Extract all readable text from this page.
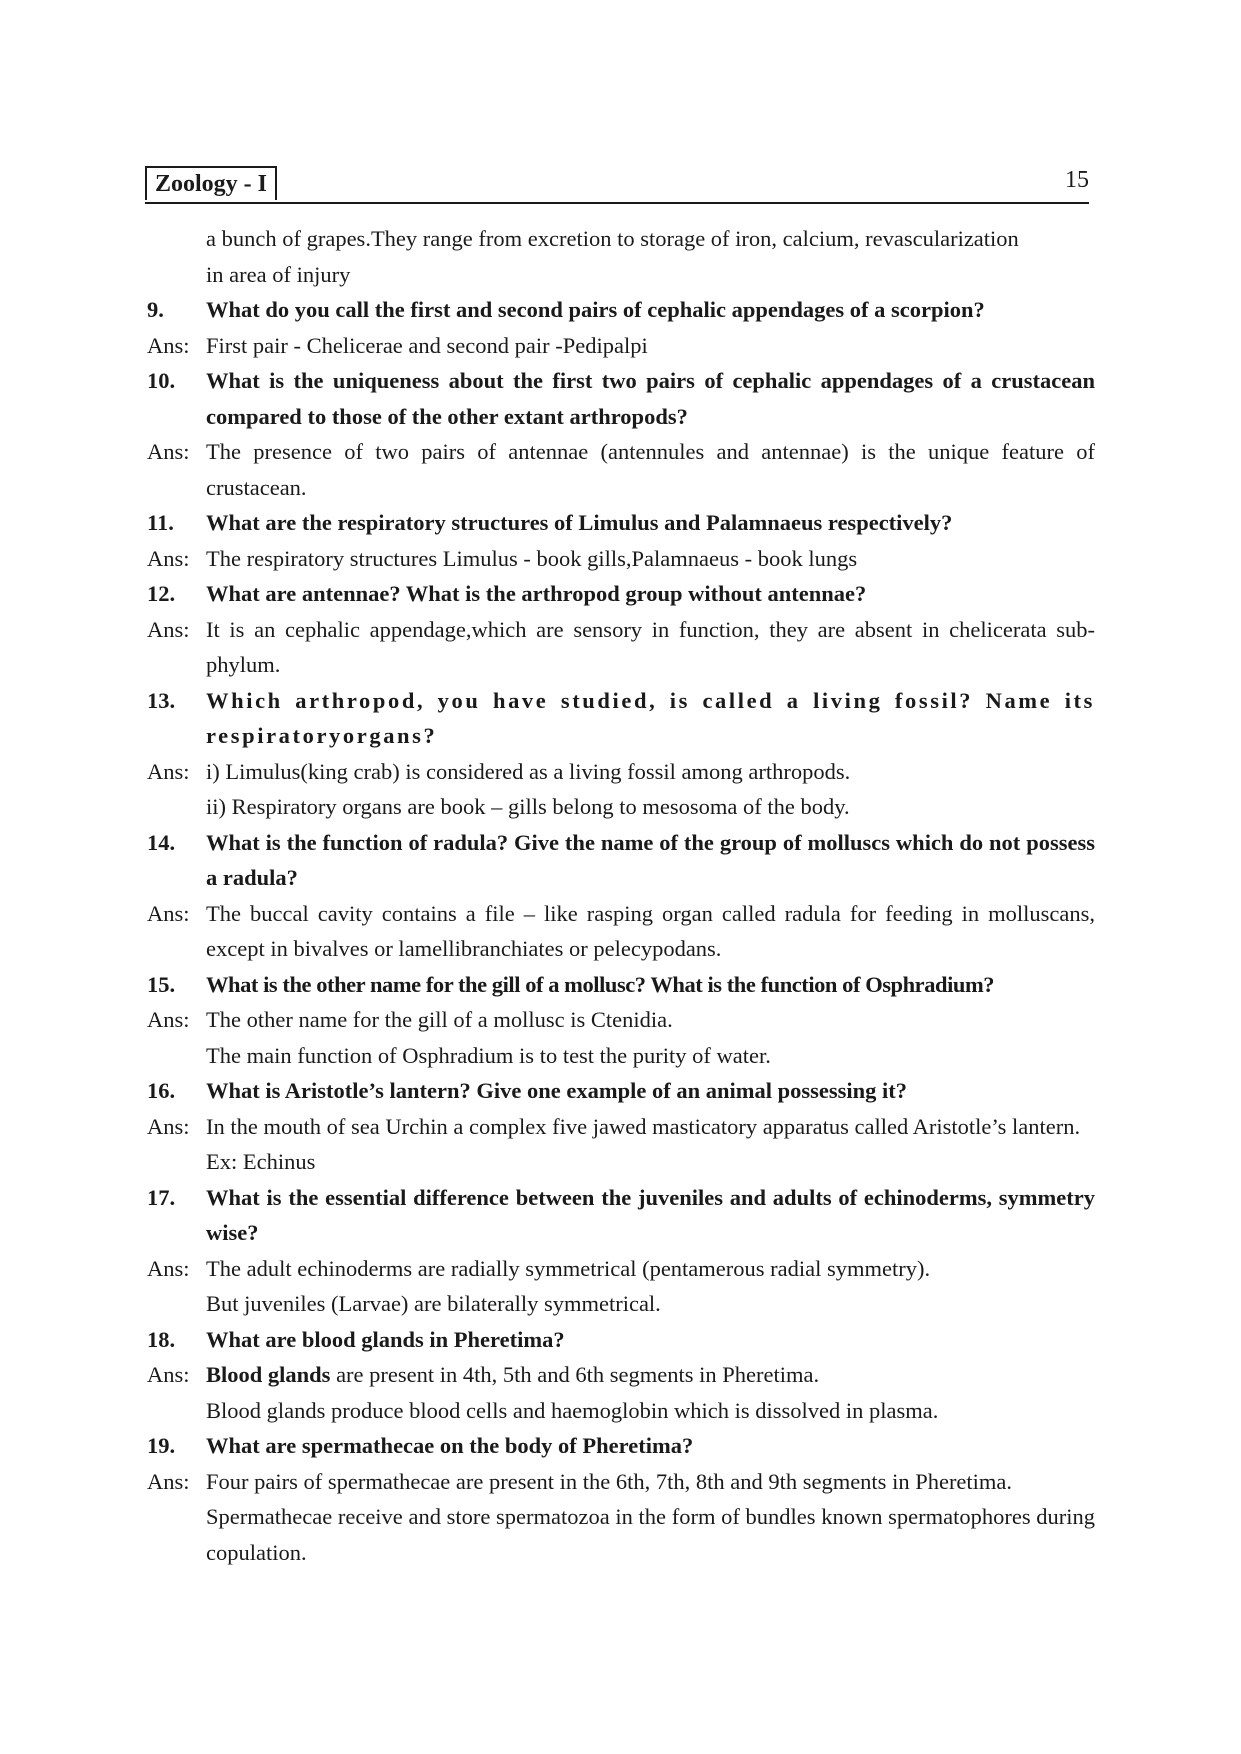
Zoology - I	15
a bunch of grapes.They range from excretion to storage of iron, calcium, revascularization
in area of injury
9.	What do you call the first and second pairs of cephalic appendages of a scorpion?
Ans: First pair - Chelicerae and second pair -Pedipalpi
10.	What is the uniqueness about the first two pairs of cephalic appendages of a crustacean compared to those of the other extant arthropods?
Ans: The presence of two pairs of antennae (antennules and antennae) is the unique feature of crustacean.
11.	What are the respiratory structures of Limulus and Palamnaeus respectively?
Ans: The respiratory structures Limulus - book gills,Palamnaeus - book lungs
12.	What are antennae? What is the arthropod group without antennae?
Ans: It is an cephalic appendage,which are sensory in function, they are absent in chelicerata sub-phylum.
13.	Which arthropod, you have studied, is called a living fossil? Name its respiratoryorgans?
Ans: i) Limulus(king crab) is considered as a living fossil among arthropods.
ii) Respiratory organs are book – gills belong to mesosoma of the body.
14.	What is the function of radula? Give the name of the group of molluscs which do not possess a radula?
Ans: The buccal cavity contains a file – like rasping organ called radula for feeding in molluscans, except in bivalves or lamellibranchiates or pelecypodans.
15.	What is the other name for the gill of a mollusc? What is the function of Osphradium?
Ans: The other name for the gill of a mollusc is Ctenidia.
The main function of Osphradium is to test the purity of water.
16.	What is Aristotle’s lantern? Give one example of an animal possessing it?
Ans: In the mouth of sea Urchin a complex five jawed masticatory apparatus called Aristotle’s lantern.
Ex: Echinus
17.	What is the essential difference between the juveniles and adults of echinoderms, symmetry wise?
Ans: The adult echinoderms are radially symmetrical (pentamerous radial symmetry).
But juveniles (Larvae) are bilaterally symmetrical.
18.	What are blood glands in Pheretima?
Ans: Blood glands are present in 4th, 5th and 6th segments in Pheretima.
Blood glands produce blood cells and haemoglobin which is dissolved in plasma.
19.	What are spermathecae on the body of Pheretima?
Ans: Four pairs of spermathecae are present in the 6th, 7th, 8th and 9th segments in Pheretima.
Spermathecae receive and store spermatozoa in the form of bundles known spermatophores during copulation.
